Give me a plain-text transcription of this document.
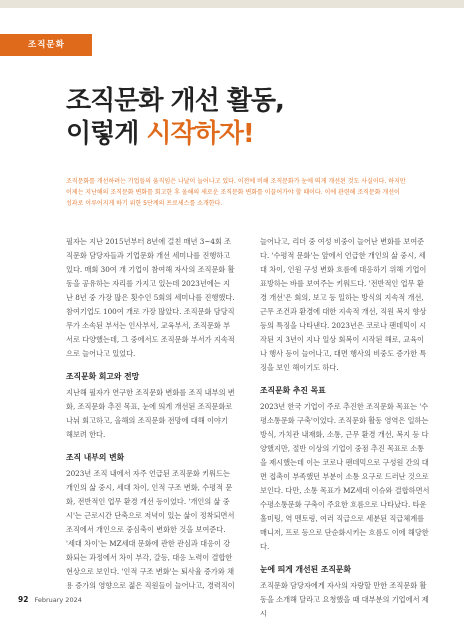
조직문화
조직문화 개선 활동,
이렇게 시작하자!

조직문화를 개선하려는 기업들의 움직임은 나날이 늘어나고 있다. 이전에 비해 조직문화가 눈에 띄게 개선된 것도 사실이다. 하지만 이제는 지난해의 조직문화 변화를 회고한 후 올해의 새로운 조직문화 변화를 이끌어가야 할 때이다. 이에 관련해 조직문화 개선이 성과로 이루어지게 하기 위한 5단계의 프로세스를 소개한다.

필자는 지난 2015년부터 8년에 걸친 매년 3~4회 조직문화 담당자들과 기업문화 개선 세미나를 진행하고 있다. 매회 30여 개 기업이 참여해 자사의 조직문화 활동을 공유하는 자리를 가지고 있는데 2023년에는 지난 8년 중 가장 많은 횟수인 5회의 세미나를 진행했다. 참여기업도 100여 개로 가장 많았다. 조직문화 담당직무가 소속된 부서는 인사부서, 교육부서, 조직문화 부서로 다양했는데, 그 중에서도 조직문화 부서가 지속적으로 늘어나고 있었다.

조직문화 회고와 전망

지난해 필자가 연구한 조직문화 변화를 조직 내부의 변화, 조직문화 추진 목표, 눈에 띄게 개선된 조직문화로 나눠 회고하고, 올해의 조직문화 전망에 대해 이야기 해보려 한다.

조직 내부의 변화

2023년 조직 내에서 자주 언급된 조직문화 키워드는 개인의 삶 중시, 세대 차이, 인적 구조 변화, 수평적 문화, 전반적인 업무 환경 개선 등이었다. '개인의 삶 중시'는 근로시간 단축으로 저녁이 있는 삶이 정착되면서 조직에서 개인으로 중심축이 변화한 것을 보여준다. '세대 차이'는 MZ세대 문화에 관한 관심과 대응이 강화되는 과정에서 차이 부각, 갈등, 대응 노력이 결합한 현상으로 보인다. '인적 구조 변화'는 퇴사율 증가와 채용 증가의 영향으로 젊은 직원들이 늘어나고, 경력직이

늘어나고, 리더 중 여성 비중이 늘어난 변화를 보여준다. '수평적 문화'는 앞에서 언급한 개인의 삶 중시, 세대 차이, 인원 구성 변화 흐름에 대응하기 위해 기업이 표방하는 바를 보여주는 키워드다. '전반적인 업무 환경 개선'은 회의, 보고 등 일하는 방식의 지속적 개선, 근무 조건과 환경에 대한 지속적 개선, 직원 복지 향상 등의 특징을 나타낸다. 2023년은 코로나 팬데믹이 시작된 지 3년이 지나 일상 회복이 시작된 해로, 교육이나 행사 등이 늘어나고, 대면 행사의 비중도 증가한 특징을 보인 해이기도 하다.

조직문화 추진 목표

2023년 한국 기업이 주로 추진한 조직문화 목표는 '수평소통문화 구축'이었다. 조직문화 활동 영역은 일하는 방식, 가치관 내재화, 소통, 근무 환경 개선, 복지 등 다양했지만, 절반 이상의 기업이 중점 추진 목표로 소통을 제시했는데 이는 코로나 팬데믹으로 구성원 간의 대면 접촉이 부족했던 부분이 소통 요구로 드러난 것으로 보인다. 다만, 소통 목표가 MZ세대 이슈와 결합하면서 수평소통문화 구축이 주요한 흐름으로 나타났다. 타운홀미팅, 역 멘토링, 여러 직급으로 세분된 직급체계를 매니저, 프로 등으로 단순화시키는 흐름도 이에 해당한다.

눈에 띄게 개선된 조직문화

조직문화 담당자에게 자사의 자랑할 만한 조직문화 활동을 소개해 달라고 요청했을 때 대부분의 기업에서 제시

92 February 2024
